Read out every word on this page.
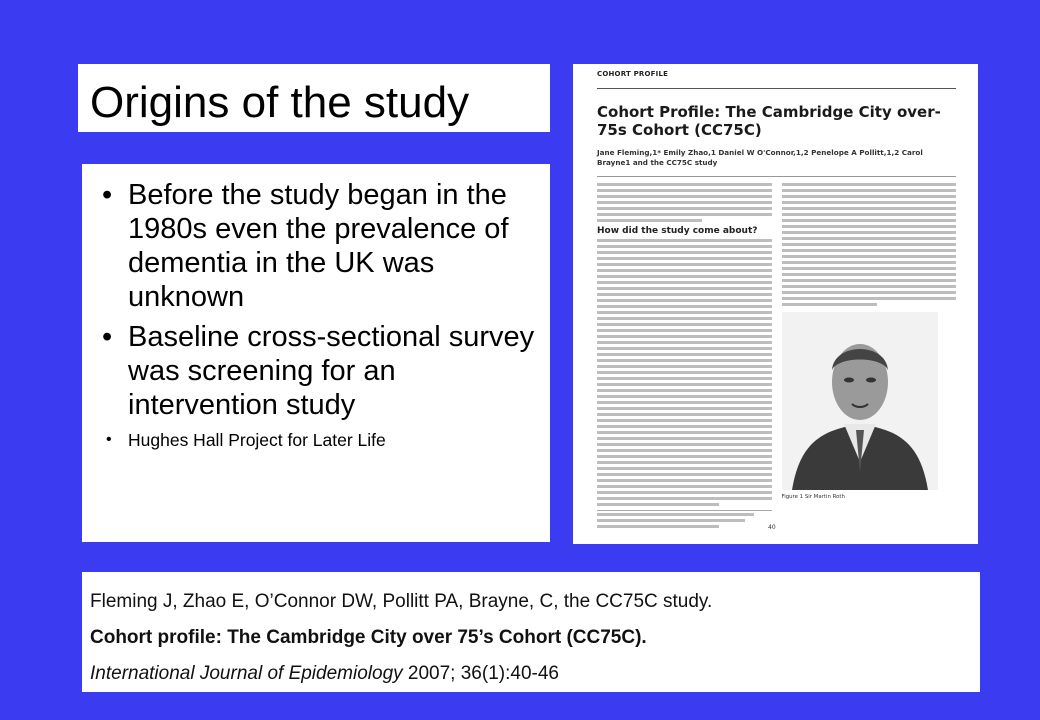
Origins of the study
• Before the study began in the 1980s even the prevalence of dementia in the UK was unknown
• Baseline cross-sectional survey was screening for an intervention study
• Hughes Hall Project for Later Life
COHORT PROFILE
Cohort Profile: The Cambridge City over-75s Cohort (CC75C)
Jane Fleming,1* Emily Zhao,1 Daniel W O'Connor,1,2 Penelope A Pollitt,1,2 Carol Brayne1 and the CC75C study
How did the study come about?
Figure 1 Sir Martin Roth
40
Fleming J, Zhao E, O’Connor DW, Pollitt PA, Brayne, C, the CC75C study.
Cohort profile: The Cambridge City over 75’s Cohort (CC75C).
International Journal of Epidemiology 2007; 36(1):40-46
